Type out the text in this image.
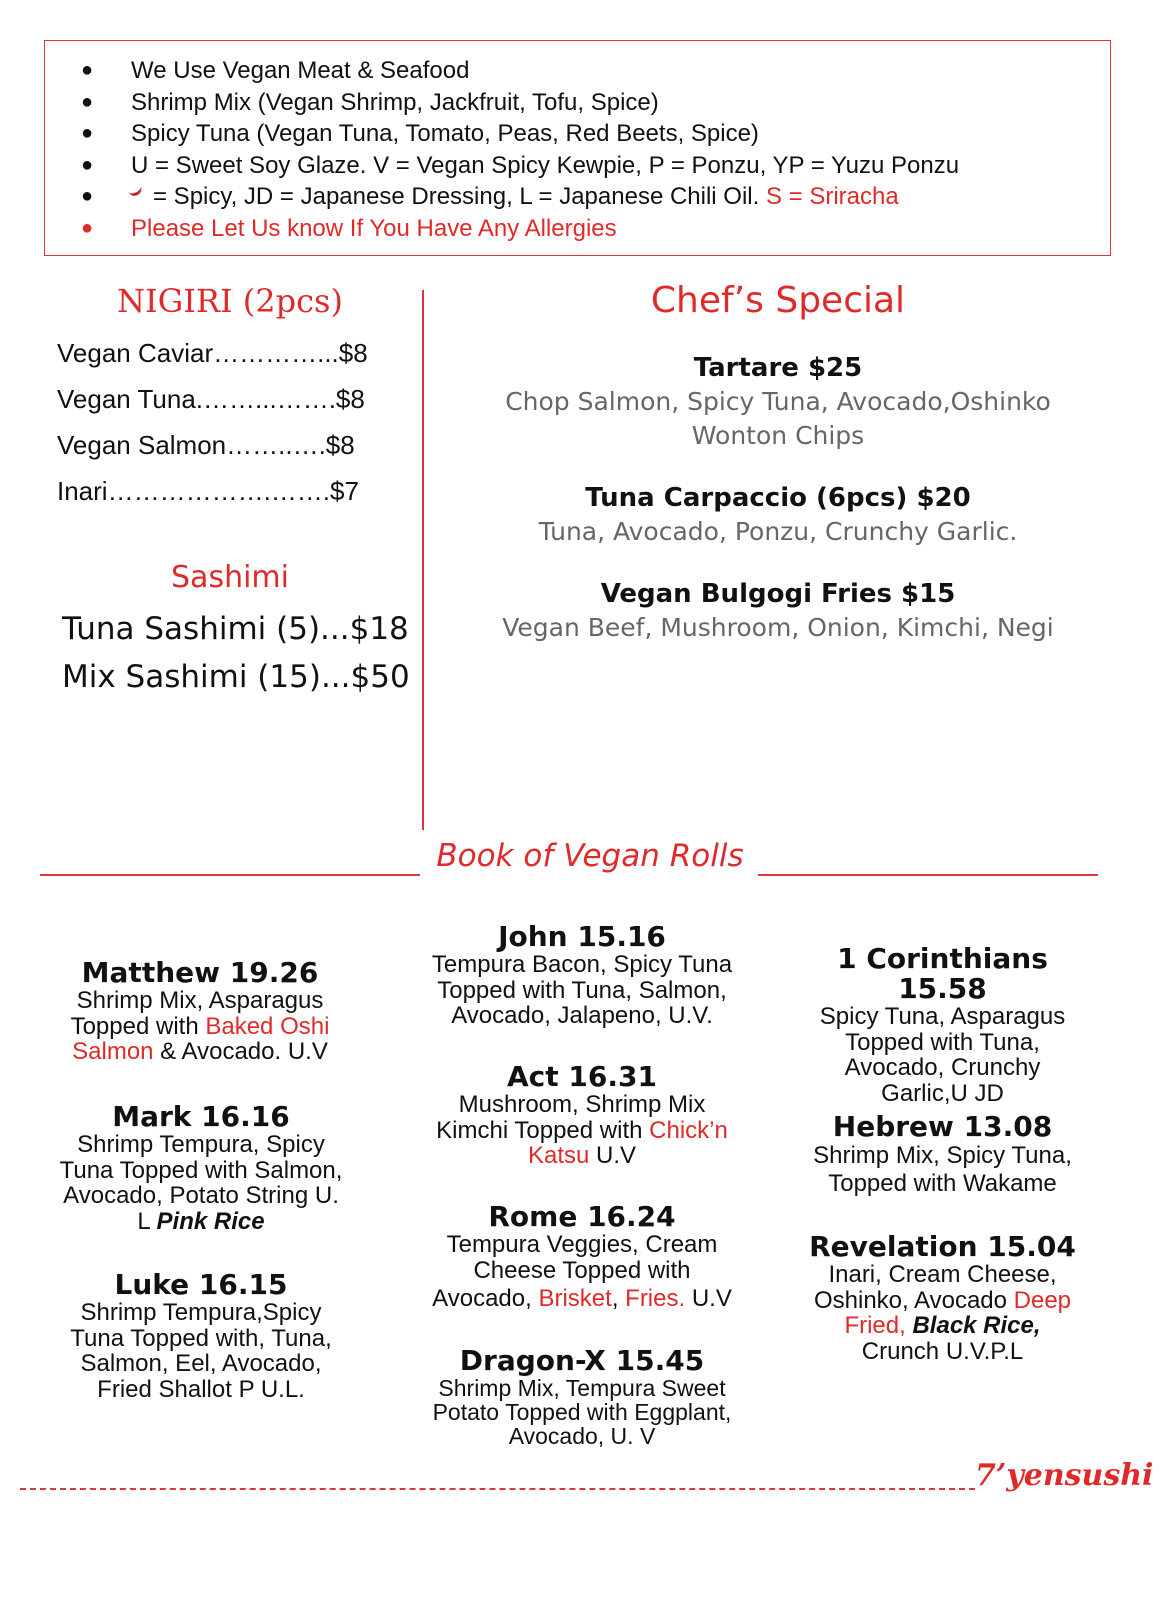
●	We Use Vegan Meat & Seafood
●	Shrimp Mix (Vegan Shrimp, Jackfruit, Tofu, Spice)
●	Spicy Tuna (Vegan Tuna, Tomato, Peas, Red Beets, Spice)
●	U = Sweet Soy Glaze. V = Vegan Spicy Kewpie, P = Ponzu, YP = Yuzu Ponzu
●	= Spicy, JD = Japanese Dressing, L = Japanese Chili Oil.
S = Sriracha
●	Please Let Us know If You Have Any Allergies
NIGIRI (2pcs)
Vegan Caviar…………...$8
Vegan Tuna.……...…….$8
Vegan Salmon……..….$8
Inari……………….…….$7
Sashimi
Tuna Sashimi (5)...$18
Mix Sashimi (15)...$50
Chef’s Special
Tartare $25
Chop Salmon, Spicy Tuna, Avocado,Oshinko
Wonton Chips
Tuna Carpaccio (6pcs) $20
Tuna, Avocado, Ponzu, Crunchy Garlic.
Vegan Bulgogi Fries $15
Vegan Beef, Mushroom, Onion, Kimchi, Negi
Book of Vegan Rolls
Matthew 19.26
Shrimp Mix, Asparagus
Topped with Baked Oshi
Salmon & Avocado. U.V
Mark 16.16
Shrimp Tempura, Spicy
Tuna Topped with Salmon,
Avocado, Potato String U.
L Pink Rice
Luke 16.15
Shrimp Tempura,Spicy
Tuna Topped with, Tuna,
Salmon, Eel, Avocado,
Fried Shallot P U.L.
John 15.16
Tempura Bacon, Spicy Tuna
Topped with Tuna, Salmon,
Avocado, Jalapeno, U.V.
Act 16.31
Mushroom, Shrimp Mix
Kimchi Topped with Chick’n
Katsu U.V
Rome 16.24
Tempura Veggies, Cream
Cheese Topped with
Avocado, Brisket, Fries. U.V
Dragon-X 15.45
Shrimp Mix, Tempura Sweet
Potato Topped with Eggplant,
Avocado, U. V
1 Corinthians 15.58
Spicy Tuna, Asparagus
Topped with Tuna,
Avocado, Crunchy
Garlic,U JD
Hebrew 13.08
Shrimp Mix, Spicy Tuna,
Topped with Wakame
Revelation 15.04
Inari, Cream Cheese,
Oshinko, Avocado Deep
Fried, Black Rice,
Crunch U.V.P.L
7’yensushi
